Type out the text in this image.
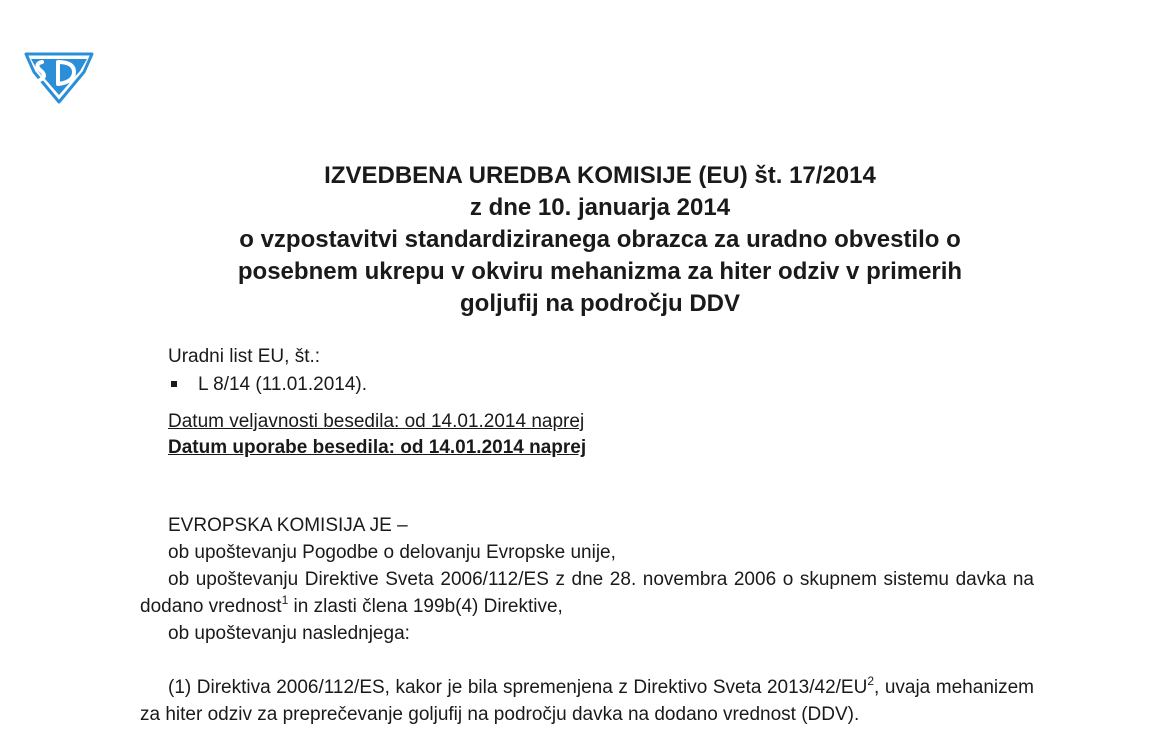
IZVEDBENA UREDBA KOMISIJE (EU) št. 17/2014
z dne 10. januarja 2014
o vzpostavitvi standardiziranega obrazca za uradno obvestilo o
posebnem ukrepu v okviru mehanizma za hiter odziv v primerih
goljufij na področju DDV
Uradni list EU, št.:
L 8/14 (11.01.2014).
Datum veljavnosti besedila: od 14.01.2014 naprej
Datum uporabe besedila: od 14.01.2014 naprej

EVROPSKA KOMISIJA JE –

ob upoštevanju Pogodbe o delovanju Evropske unije,

ob upoštevanju Direktive Sveta 2006/112/ES z dne 28. novembra 2006 o skupnem sistemu davka na dodano vrednost$^1$ in zlasti člena 199b(4) Direktive,

ob upoštevanju naslednjega:

(1) Direktiva 2006/112/ES, kakor je bila spremenjena z Direktivo Sveta $2013/42/EU^2$, uvaja mehanizem za hiter odziv za preprečevanje goljufij na področju davka na dodano vrednost (DDV).
